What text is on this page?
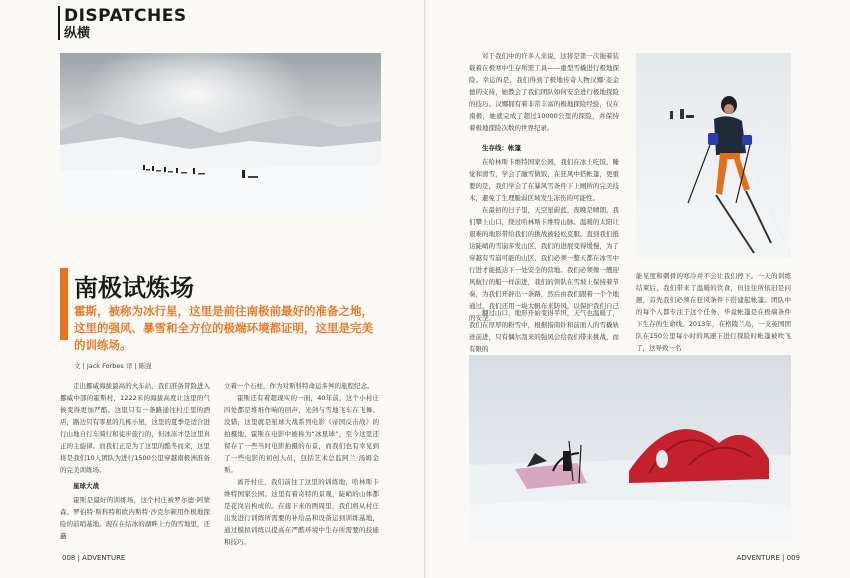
DISPATCHES
纵横
南极试炼场
霍斯，被称为冰行星，这里是前往南极前最好的准备之地，这里的强风、暴雪和全方位的极端环境都证明，这里是完美的训练场。
文 | Jack Forbes 译 | 陈强

走出挪威海拔最高的火车站，我们准备冒险进入挪威中部的霍斯村，1222米的海拔高度让这里的气候变得更加严酷。这里只有一条路通往村庄里的酒店，路边只有零星的几栋小屋，这里的夏季是适合进行山地自行车骑行和徒步旅行的，但冰冻才是这里真正的主旋律。而我们正是为了这里的酷冬而来，这里将是我们10人团队为进行1500公里穿越南极洲准备的完美训练场。

星球大战

霍斯是最好的训练场，这个村庄被罗尔德·阿蒙森、罗伯特·斯科特和欧内斯特·沙克尔顿用作极地探险的前哨基地。现在在结冰的湖畔上方的雪地里，还矗

立着一个石柱，作为对斯科特命运多舛的旅程纪念。

霍斯还有着超现实的一面，40年前，这个小村庄四处都是堆堆作响的回声，光剑与雪地飞车在飞舞。没错，这里就是星球大战系列电影《帝国反击战》的拍摄地，霍斯在电影中被称为“冰星球”，至今这里还留存了一些当时电影拍摄的布景，而我们也有幸见到了一些电影的初创人员，包括艺术总监阿兰·汤姆金斯。

离开村庄，我们前往了这里的训练地，哈林斯卡维特国家公园。这里有着奇特的景观，陡峭的山体都是花岗岩构成的。在接下来的两周里，我们将从村庄出发进行训练所需要的补给品和设备运到训练基地，通过模拟训练以提高在严酷环境中生存所需要的技能和技巧。

对于我们中的许多人来说，这将是第一次拖着装载着在极寒中生存所需工具——重型雪橇进行极地探险。幸运的是，我们得到了极地传奇人物汉娜·麦金德的支持，她教会了我们团队如何安全进行极地探险的技巧。汉娜拥有着非常丰富的极地探险经验，仅在南极，她就完成了超过10000公里的探险，并保持着极地探险次数的世界纪录。

生存线：帐篷

在哈林斯卡维特国家公园，我们在冰上吃饭、睡觉和滑雪，学会了融雪做饭，在狂风中搭帐篷，更重要的是，我们学会了在暴风雪条件下上厕所的完美技术，避免了生理脆弱区域发生冻伤的可能性。

在最初的日子里，天空星蔚蓝，夜晚是晴朗，我们攀上山口，绕过哈林斯卡维特山脉。温暖的太阳让艰难的地形带给我们的挑战被轻松克服。直到我们抵达陡峭的雪崩多发山区，我们的进展变得缓慢，为了穿越有雪崩可能的山区，我们必须一整天都在冰雪中行进才能抵达下一处安全的营地。我们必须像一艘迎风航行的船一样前进，我们的领队在雪坡上保持着节奏，为我们开辟出一条路，然后由我们跟着一个个地通过，我们还用一块大帆布来防风，以保护我们自己的安全。

翻过山口，地形开始变得平坦，天气也温暖了，我们在厚厚的粉雪中，根据指南针和前面人的雪橇轨迹前进，只有偶尔刮来的强风会给我们带来挑战，而有限的

能见度和刺骨的寒冷并不会让我们停下。一天的训练结束后，我们带来了温暖的饮食，但往往所依旧是问题，首先我们必须在狂风条件下搭建起帐篷。团队中的每个人都专注于这个任务，毕竟帐篷是在极端条件下生存的生命线。2013年，在格陵兰岛，一支英国团队在150公里每小时的风速下进行探险时帐篷被吹飞了，这导致一名

008 | ADVENTURE	ADVENTURE | 009
